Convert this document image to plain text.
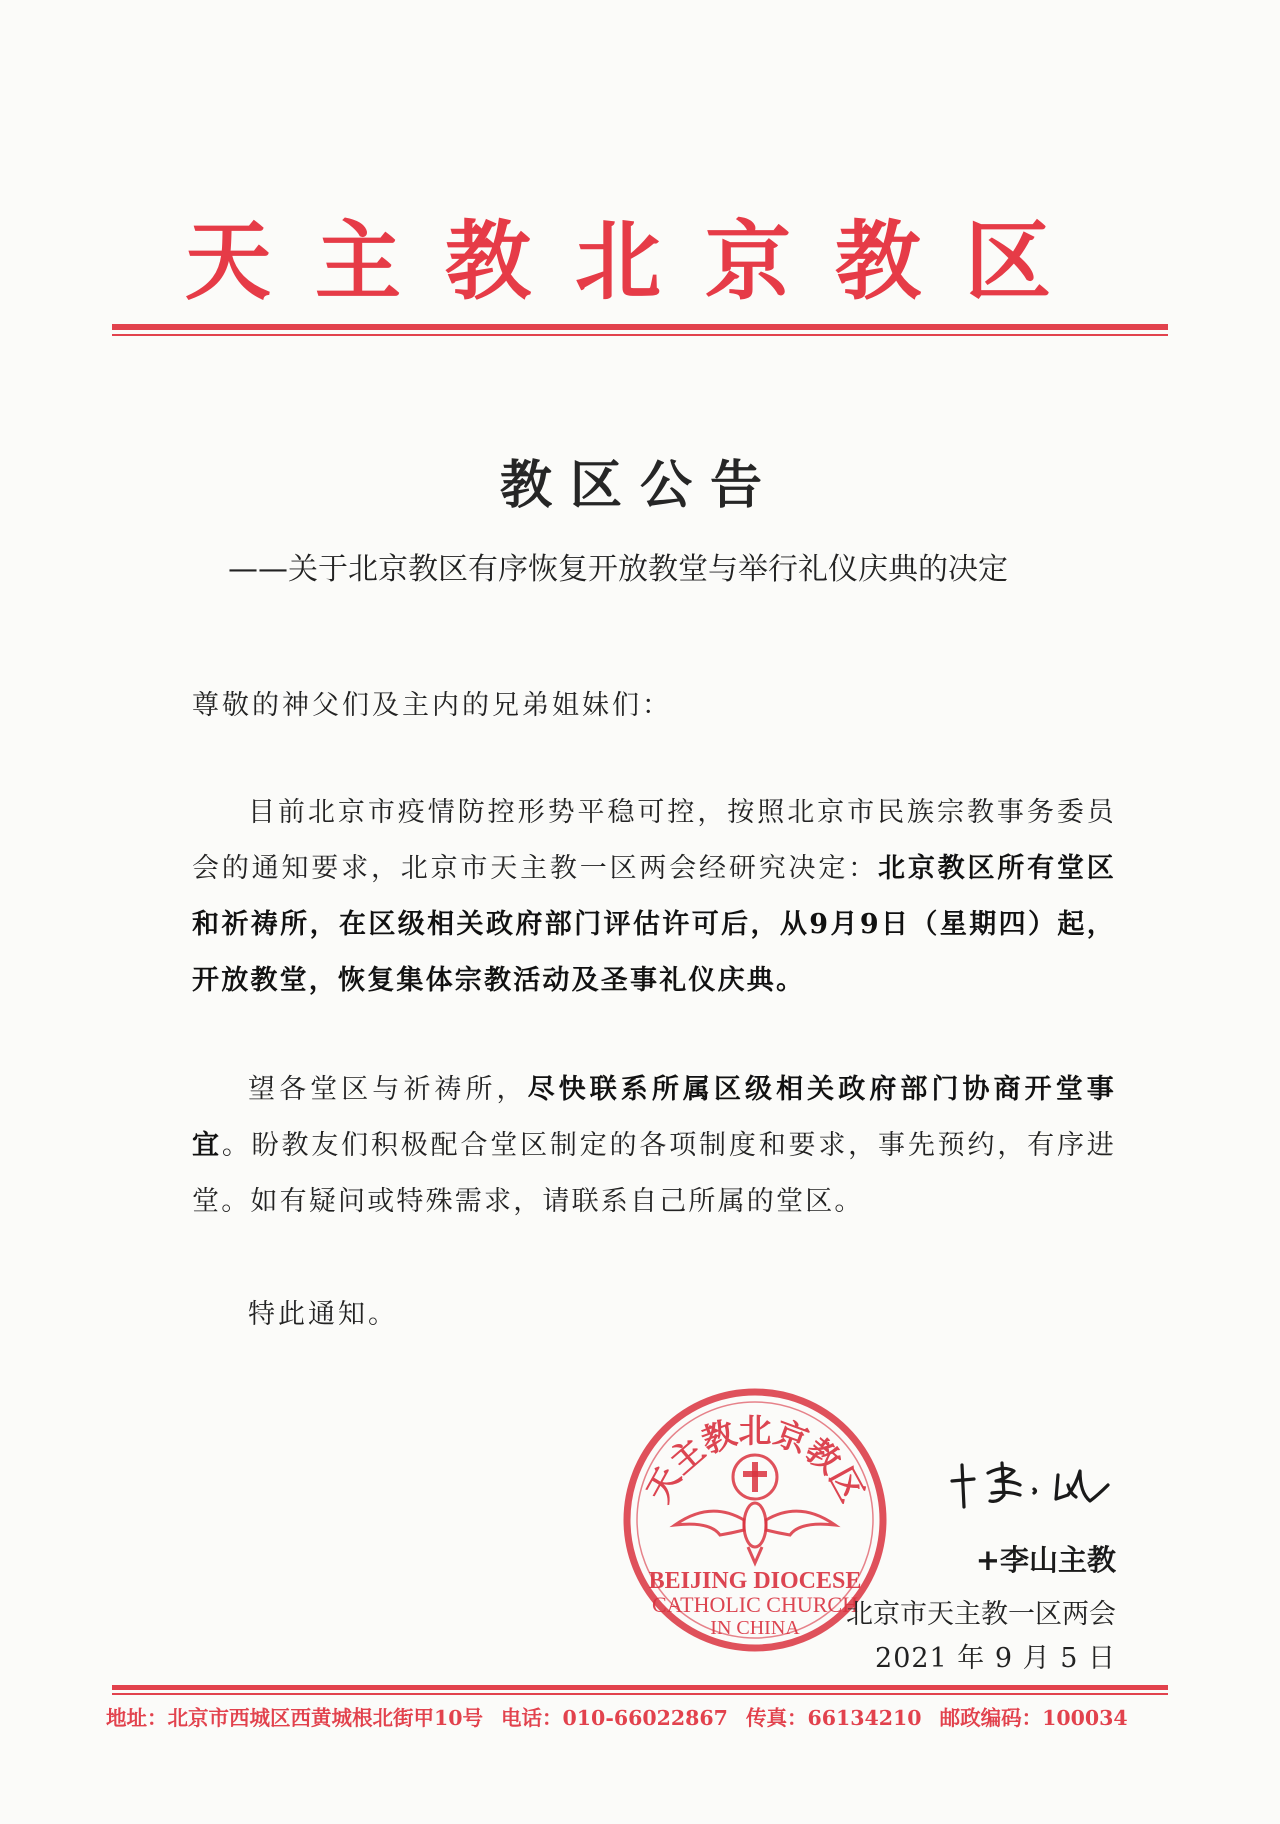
天主教北京教区
教区公告
——关于北京教区有序恢复开放教堂与举行礼仪庆典的决定
尊敬的神父们及主内的兄弟姐妹们：
目前北京市疫情防控形势平稳可控，按照北京市民族宗教事务委员会的通知要求，北京市天主教一区两会经研究决定：北京教区所有堂区和祈祷所，在区级相关政府部门评估许可后，从9月9日（星期四）起，开放教堂，恢复集体宗教活动及圣事礼仪庆典。
望各堂区与祈祷所，尽快联系所属区级相关政府部门协商开堂事宜。盼教友们积极配合堂区制定的各项制度和要求，事先预约，有序进堂。如有疑问或特殊需求，请联系自己所属的堂区。
特此通知。
天主教北京教区
BEIJING DIOCESE
CATHOLIC CHURCH
IN CHINA
+李山主教
北京市天主教一区两会
2021 年 9 月 5 日
地址：北京市西城区西黄城根北街甲10号 电话：010-66022867 传真：66134210 邮政编码：100034
